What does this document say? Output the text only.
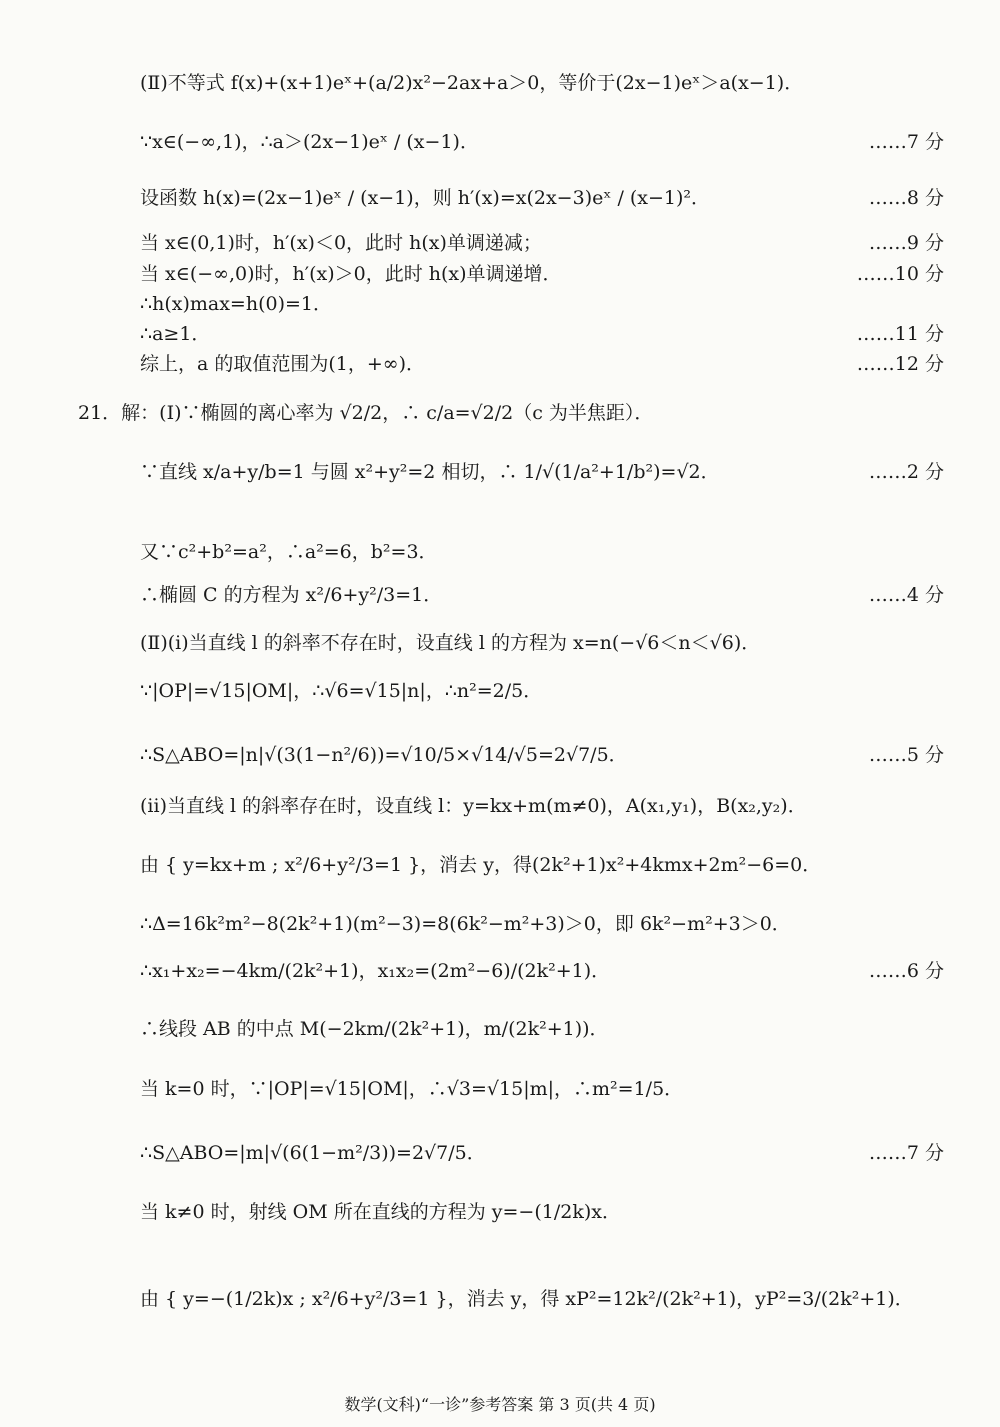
(Ⅱ)不等式 f(x)+(x+1)eˣ+(a/2)x²−2ax+a＞0，等价于(2x−1)eˣ＞a(x−1)．
∵x∈(−∞,1)，∴a＞(2x−1)eˣ / (x−1)．	……7 分
设函数 h(x)=(2x−1)eˣ / (x−1)，则 h′(x)=x(2x−3)eˣ / (x−1)²．	……8 分
当 x∈(0,1)时，h′(x)＜0，此时 h(x)单调递减；	……9 分
当 x∈(−∞,0)时，h′(x)＞0，此时 h(x)单调递增．	……10 分
∴h(x)max=h(0)=1．
∴a≥1．	……11 分
综上，a 的取值范围为(1，+∞)．	……12 分
21．解：(Ⅰ)∵椭圆的离心率为 √2/2，∴ c/a=√2/2（c 为半焦距）．
∵直线 x/a+y/b=1 与圆 x²+y²=2 相切，∴ 1/√(1/a²+1/b²)=√2．	……2 分
又∵c²+b²=a²，∴a²=6，b²=3．
∴椭圆 C 的方程为 x²/6+y²/3=1．	……4 分
(Ⅱ)(i)当直线 l 的斜率不存在时，设直线 l 的方程为 x=n(−√6＜n＜√6)．
∵|OP|=√15|OM|，∴√6=√15|n|，∴n²=2/5．
∴S△ABO=|n|√(3(1−n²/6))=√10/5×√14/√5=2√7/5．	……5 分
(ii)当直线 l 的斜率存在时，设直线 l：y=kx+m(m≠0)，A(x₁,y₁)，B(x₂,y₂)．
由 { y=kx+m ; x²/6+y²/3=1 }，消去 y，得(2k²+1)x²+4kmx+2m²−6=0．
∴Δ=16k²m²−8(2k²+1)(m²−3)=8(6k²−m²+3)＞0，即 6k²−m²+3＞0．
∴x₁+x₂=−4km/(2k²+1)，x₁x₂=(2m²−6)/(2k²+1)．	……6 分
∴线段 AB 的中点 M(−2km/(2k²+1)，m/(2k²+1))．
当 k=0 时，∵|OP|=√15|OM|，∴√3=√15|m|，∴m²=1/5．
∴S△ABO=|m|√(6(1−m²/3))=2√7/5．	……7 分
当 k≠0 时，射线 OM 所在直线的方程为 y=−(1/2k)x．
由 { y=−(1/2k)x ; x²/6+y²/3=1 }，消去 y，得 xP²=12k²/(2k²+1)，yP²=3/(2k²+1)．
数学(文科)“一诊”参考答案 第 3 页(共 4 页)
